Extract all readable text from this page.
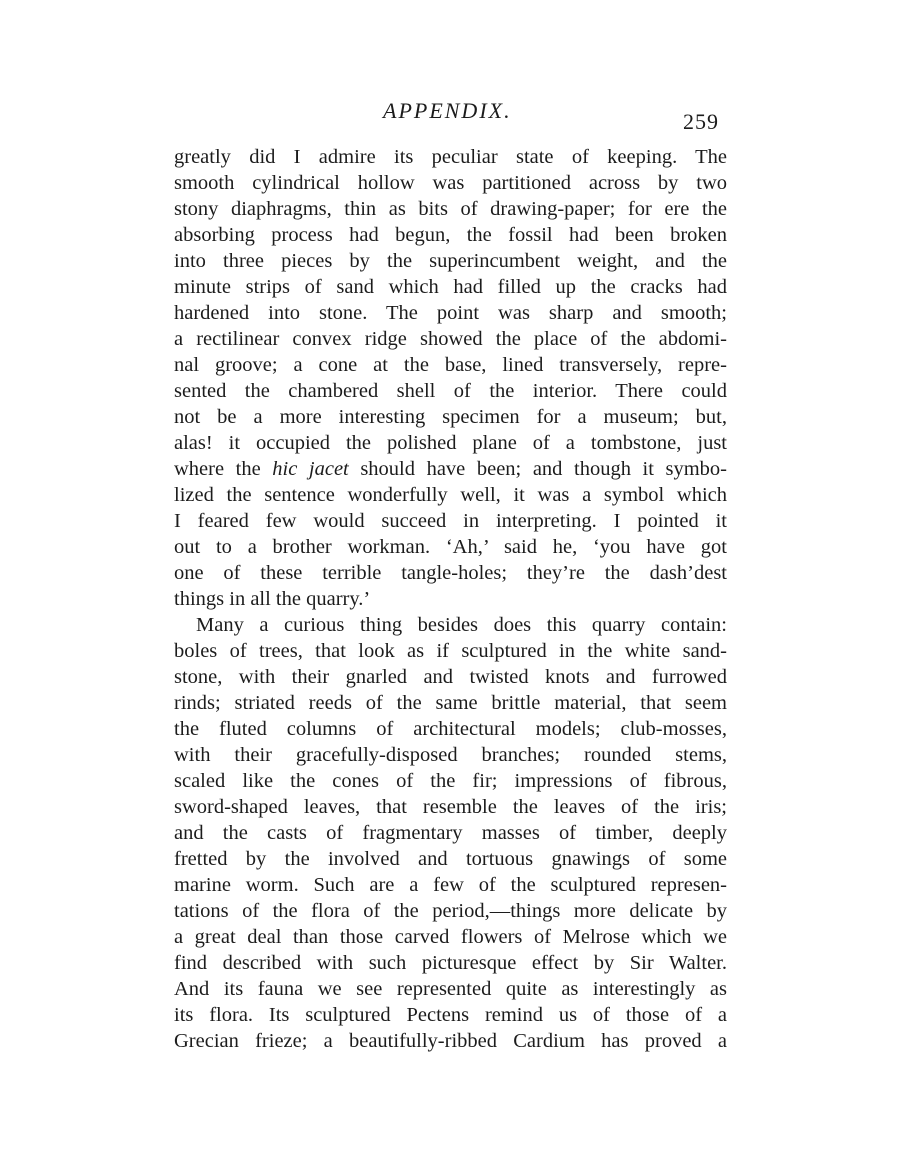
APPENDIX.	259
greatly did I admire its peculiar state of keeping. The
smooth cylindrical hollow was partitioned across by two
stony diaphragms, thin as bits of drawing-paper; for ere the
absorbing process had begun, the fossil had been broken
into three pieces by the superincumbent weight, and the
minute strips of sand which had filled up the cracks had
hardened into stone. The point was sharp and smooth;
a rectilinear convex ridge showed the place of the abdomi-
nal groove; a cone at the base, lined transversely, repre-
sented the chambered shell of the interior. There could
not be a more interesting specimen for a museum; but,
alas! it occupied the polished plane of a tombstone, just
where the hic jacet should have been; and though it symbo-
lized the sentence wonderfully well, it was a symbol which
I feared few would succeed in interpreting. I pointed it
out to a brother workman. ‘Ah,’ said he, ‘you have got
one of these terrible tangle-holes; they’re the dash’dest
things in all the quarry.’
Many a curious thing besides does this quarry contain:
boles of trees, that look as if sculptured in the white sand-
stone, with their gnarled and twisted knots and furrowed
rinds; striated reeds of the same brittle material, that seem
the fluted columns of architectural models; club-mosses,
with their gracefully-disposed branches; rounded stems,
scaled like the cones of the fir; impressions of fibrous,
sword-shaped leaves, that resemble the leaves of the iris;
and the casts of fragmentary masses of timber, deeply
fretted by the involved and tortuous gnawings of some
marine worm. Such are a few of the sculptured represen-
tations of the flora of the period,—things more delicate by
a great deal than those carved flowers of Melrose which we
find described with such picturesque effect by Sir Walter.
And its fauna we see represented quite as interestingly as
its flora. Its sculptured Pectens remind us of those of a
Grecian frieze; a beautifully-ribbed Cardium has proved a
